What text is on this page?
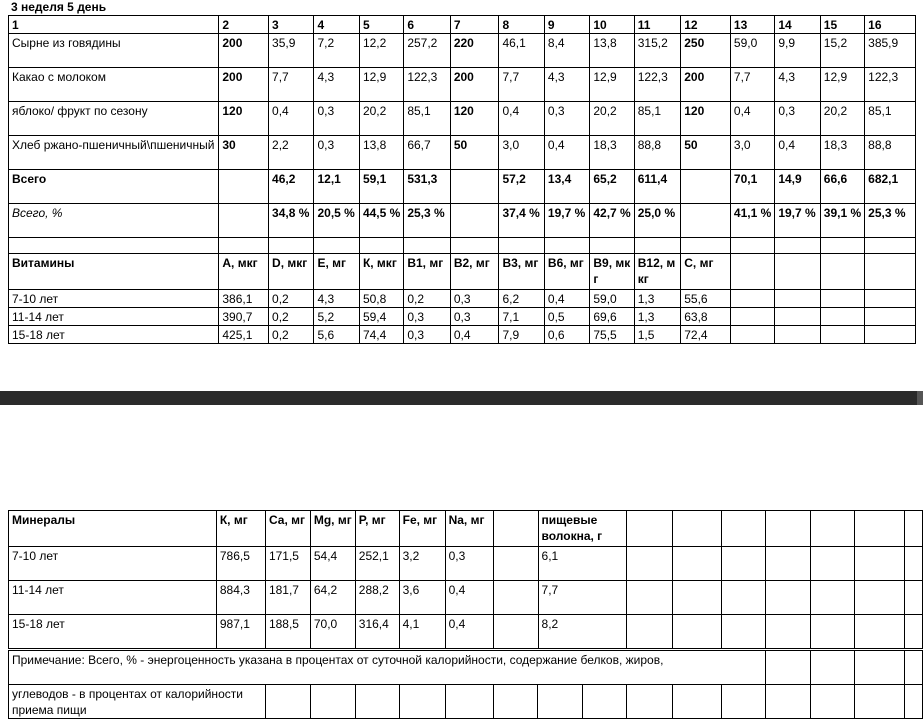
3 неделя 5 день
1	2	3	4	5	6	7	8	9	10	11	12	13	14	15	16
Сырне из говядины	200	35,9	7,2	12,2	257,2	220	46,1	8,4	13,8	315,2	250	59,0	9,9	15,2	385,9
Какао с молоком	200	7,7	4,3	12,9	122,3	200	7,7	4,3	12,9	122,3	200	7,7	4,3	12,9	122,3
яблоко/ фрукт по сезону	120	0,4	0,3	20,2	85,1	120	0,4	0,3	20,2	85,1	120	0,4	0,3	20,2	85,1
Хлеб ржано-пшеничный\пшеничный	30	2,2	0,3	13,8	66,7	50	3,0	0,4	18,3	88,8	50	3,0	0,4	18,3	88,8
Всего		46,2	12,1	59,1	531,3		57,2	13,4	65,2	611,4		70,1	14,9	66,6	682,1
Всего, %		34,8 %	20,5 %	44,5 %	25,3 %		37,4 %	19,7 %	42,7 %	25,0 %		41,1 %	19,7 %	39,1 %	25,3 %

Витамины	А, мкг	D, мкг	Е, мг	К, мкг	В1, мг	В2, мг	В3, мг	В6, мг	В9, мкг	В12, мкг	С, мг				
7-10 лет	386,1	0,2	4,3	50,8	0,2	0,3	6,2	0,4	59,0	1,3	55,6				
11-14 лет	390,7	0,2	5,2	59,4	0,3	0,3	7,1	0,5	69,6	1,3	63,8				
15-18 лет	425,1	0,2	5,6	74,4	0,3	0,4	7,9	0,6	75,5	1,5	72,4				
Минералы	К, мг	Са, мг	Mg, мг	Р, мг	Fe, мг	Na, мг		пищевые волокна, г							
7-10 лет	786,5	171,5	54,4	252,1	3,2	0,3		6,1							
11-14 лет	884,3	181,7	64,2	288,2	3,6	0,4		7,7							
15-18 лет	987,1	188,5	70,0	316,4	4,1	0,4		8,2							
Примечание: Всего, % - энергоценность указана в процентах от суточной калорийности, содержание белков, жиров,															
углеводов - в процентах от калорийности приема пищи															
